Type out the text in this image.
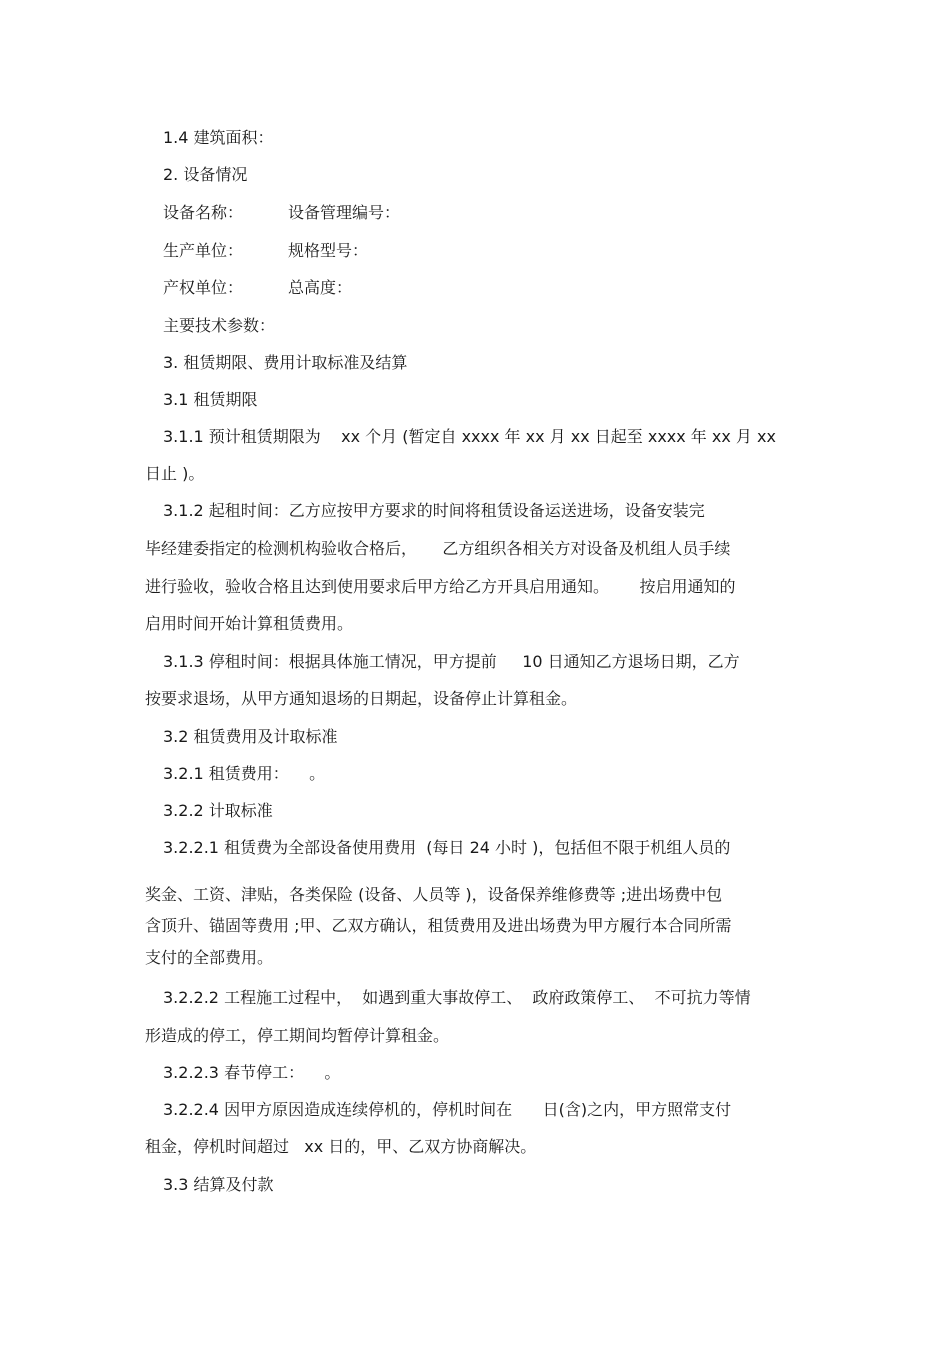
1.4 建筑面积：
2. 设备情况
设备名称：	设备管理编号：
生产单位：	规格型号：
产权单位：	总高度：
主要技术参数：
3. 租赁期限、费用计取标准及结算
3.1 租赁期限
3.1.1 预计租赁期限为    xx 个月 (暂定自 xxxx 年 xx 月 xx 日起至 xxxx 年 xx 月 xx
日止 )。
3.1.2 起租时间：乙方应按甲方要求的时间将租赁设备运送进场，设备安装完
毕经建委指定的检测机构验收合格后，     乙方组织各相关方对设备及机组人员手续
进行验收，验收合格且达到使用要求后甲方给乙方开具启用通知。      按启用通知的
启用时间开始计算租赁费用。
3.1.3 停租时间：根据具体施工情况，甲方提前     10 日通知乙方退场日期，乙方
按要求退场，从甲方通知退场的日期起，设备停止计算租金。
3.2 租赁费用及计取标准
3.2.1 租赁费用：    。
3.2.2 计取标准
3.2.2.1 租赁费为全部设备使用费用  (每日 24 小时 )，包括但不限于机组人员的
奖金、工资、津贴，各类保险 (设备、人员等 )，设备保养维修费等 ;进出场费中包
含顶升、锚固等费用 ;甲、乙双方确认，租赁费用及进出场费为甲方履行本合同所需
支付的全部费用。
3.2.2.2 工程施工过程中，  如遇到重大事故停工、  政府政策停工、  不可抗力等情
形造成的停工，停工期间均暂停计算租金。
3.2.2.3 春节停工：    。
3.2.2.4 因甲方原因造成连续停机的，停机时间在      日(含)之内，甲方照常支付
租金，停机时间超过   xx 日的，甲、乙双方协商解决。
3.3 结算及付款
